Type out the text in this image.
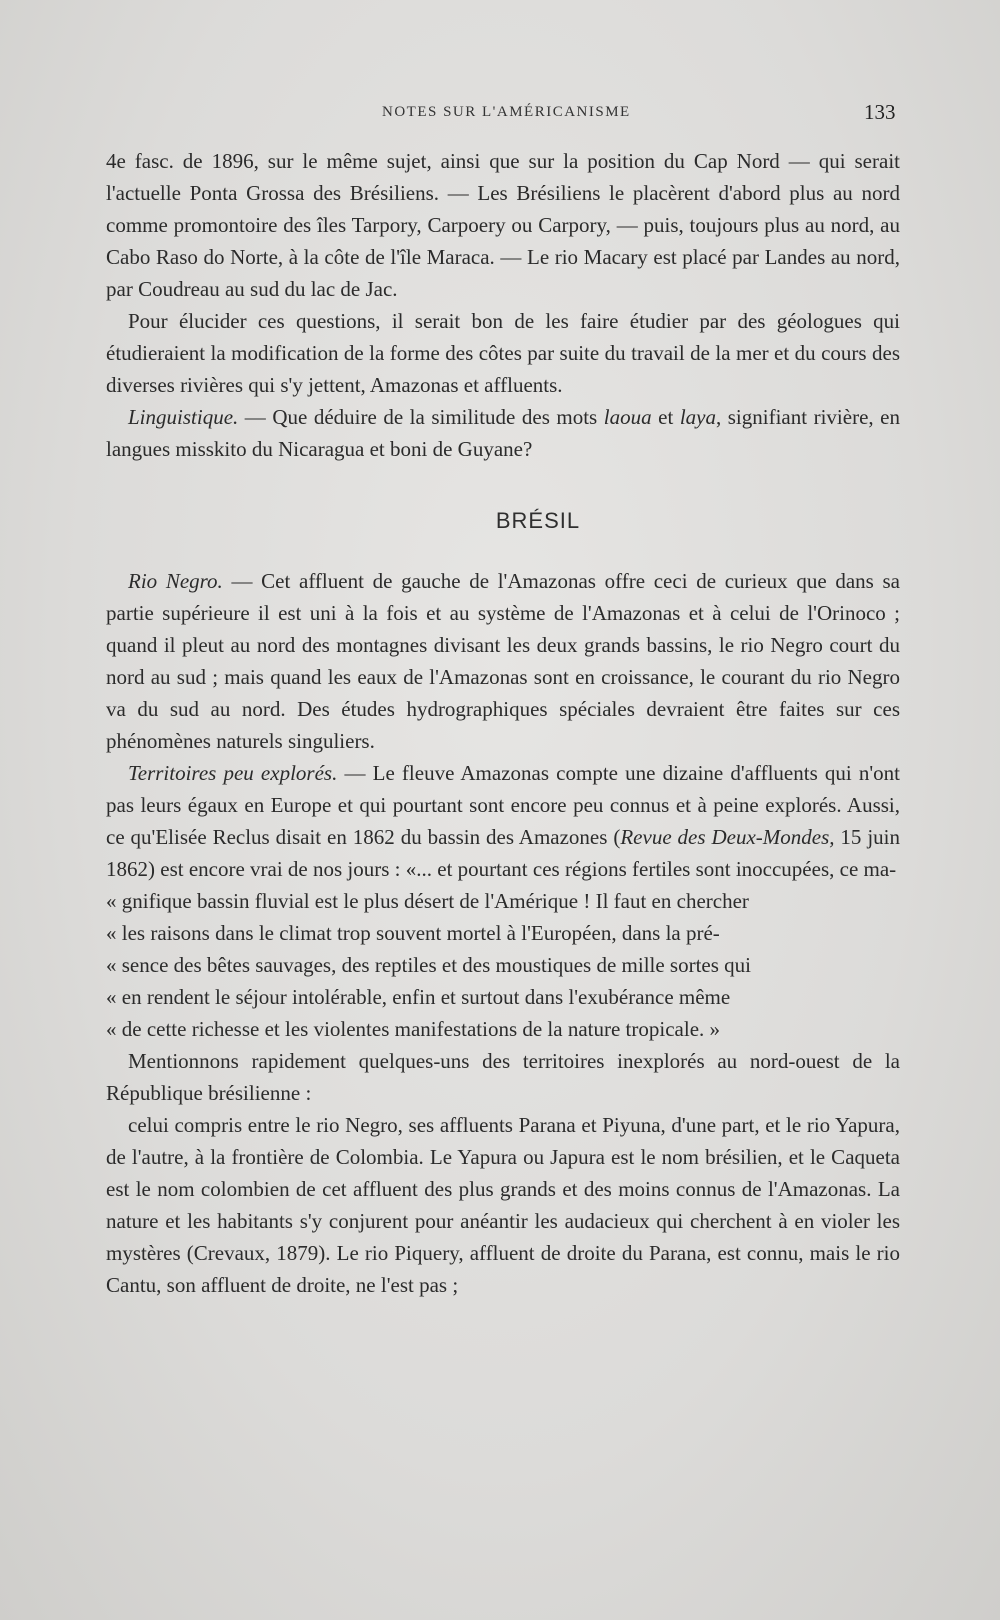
NOTES SUR L'AMÉRICANISME	133

4e fasc. de 1896, sur le même sujet, ainsi que sur la position du Cap Nord — qui serait l'actuelle Ponta Grossa des Brésiliens. — Les Brésiliens le placèrent d'abord plus au nord comme promontoire des îles Tarpory, Carpoery ou Carpory, — puis, toujours plus au nord, au Cabo Raso do Norte, à la côte de l'île Maraca. — Le rio Macary est placé par Landes au nord, par Coudreau au sud du lac de Jac.

Pour élucider ces questions, il serait bon de les faire étudier par des géologues qui étudieraient la modification de la forme des côtes par suite du travail de la mer et du cours des diverses rivières qui s'y jettent, Amazonas et affluents.

Linguistique. — Que déduire de la similitude des mots laoua et laya, signifiant rivière, en langues misskito du Nicaragua et boni de Guyane?

BRÉSIL

Rio Negro. — Cet affluent de gauche de l'Amazonas offre ceci de curieux que dans sa partie supérieure il est uni à la fois et au système de l'Amazonas et à celui de l'Orinoco ; quand il pleut au nord des montagnes divisant les deux grands bassins, le rio Negro court du nord au sud ; mais quand les eaux de l'Amazonas sont en croissance, le courant du rio Negro va du sud au nord. Des études hydrographiques spéciales devraient être faites sur ces phénomènes naturels singuliers.

Territoires peu explorés. — Le fleuve Amazonas compte une dizaine d'affluents qui n'ont pas leurs égaux en Europe et qui pourtant sont encore peu connus et à peine explorés. Aussi, ce qu'Elisée Reclus disait en 1862 du bassin des Amazones (Revue des Deux-Mondes, 15 juin 1862) est encore vrai de nos jours : «... et pourtant ces régions fertiles sont inoccupées, ce ma-

« gnifique bassin fluvial est le plus désert de l'Amérique ! Il faut en chercher

« les raisons dans le climat trop souvent mortel à l'Européen, dans la pré-

« sence des bêtes sauvages, des reptiles et des moustiques de mille sortes qui

« en rendent le séjour intolérable, enfin et surtout dans l'exubérance même

« de cette richesse et les violentes manifestations de la nature tropicale. »

Mentionnons rapidement quelques-uns des territoires inexplorés au nord-ouest de la République brésilienne :

celui compris entre le rio Negro, ses affluents Parana et Piyuna, d'une part, et le rio Yapura, de l'autre, à la frontière de Colombia. Le Yapura ou Japura est le nom brésilien, et le Caqueta est le nom colombien de cet affluent des plus grands et des moins connus de l'Amazonas. La nature et les habitants s'y conjurent pour anéantir les audacieux qui cherchent à en violer les mystères (Crevaux, 1879). Le rio Piquery, affluent de droite du Parana, est connu, mais le rio Cantu, son affluent de droite, ne l'est pas ;
